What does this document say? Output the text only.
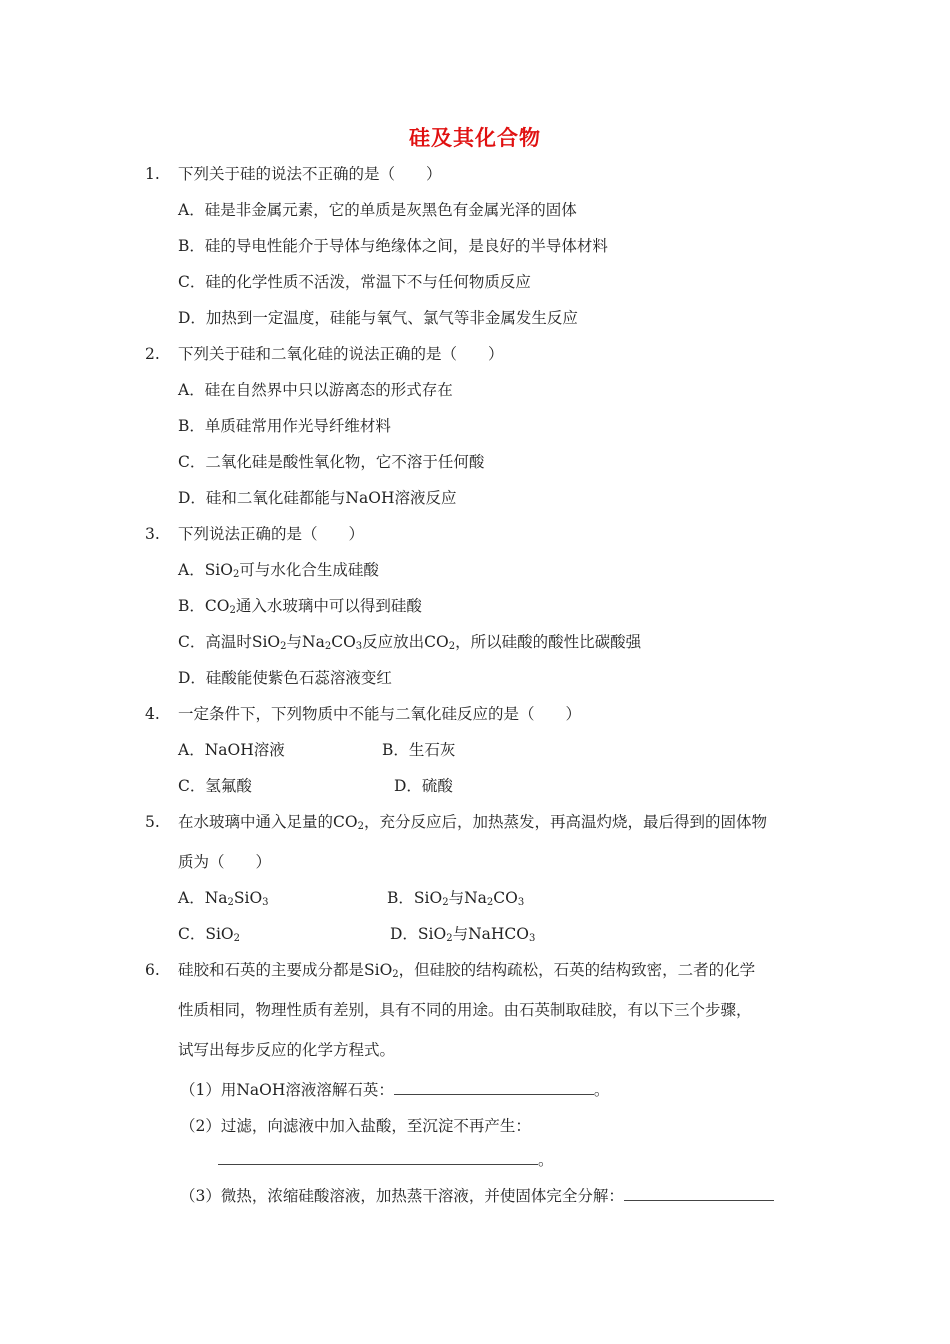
硅及其化合物
1. 下列关于硅的说法不正确的是（　　）
A．硅是非金属元素，它的单质是灰黑色有金属光泽的固体
B．硅的导电性能介于导体与绝缘体之间，是良好的半导体材料
C．硅的化学性质不活泼，常温下不与任何物质反应
D．加热到一定温度，硅能与氧气、氯气等非金属发生反应
2. 下列关于硅和二氧化硅的说法正确的是（　　）
A．硅在自然界中只以游离态的形式存在
B．单质硅常用作光导纤维材料
C．二氧化硅是酸性氧化物，它不溶于任何酸
D．硅和二氧化硅都能与NaOH溶液反应
3. 下列说法正确的是（　　）
A．SiO$_2$可与水化合生成硅酸
B．$CO_2$通入水玻璃中可以得到硅酸
C．高温时SiO$_2$与$Na_2CO_3$反应放出$CO_2$，所以硅酸的酸性比碳酸强
D．硅酸能使紫色石蕊溶液变红
4. 一定条件下，下列物质中不能与二氧化硅反应的是（　　）
A．NaOH溶液	B．生石灰
C．氢氟酸	D．硫酸
5. 在水玻璃中通入足量的$CO_2$，充分反应后，加热蒸发，再高温灼烧，最后得到的固体物
质为（　　）
A．$Na_2SiO_3$	B．SiO$_2$与$Na_2CO_3$
C．SiO$_2$	D．SiO$_2$与NaHCO$_3$
6. 硅胶和石英的主要成分都是SiO$_2$，但硅胶的结构疏松，石英的结构致密，二者的化学
性质相同，物理性质有差别，具有不同的用途。由石英制取硅胶，有以下三个步骤，
试写出每步反应的化学方程式。
（1）用NaOH溶液溶解石英：	。
（2）过滤，向滤液中加入盐酸，至沉淀不再产生：
。
（3）微热，浓缩硅酸溶液，加热蒸干溶液，并使固体完全分解：
